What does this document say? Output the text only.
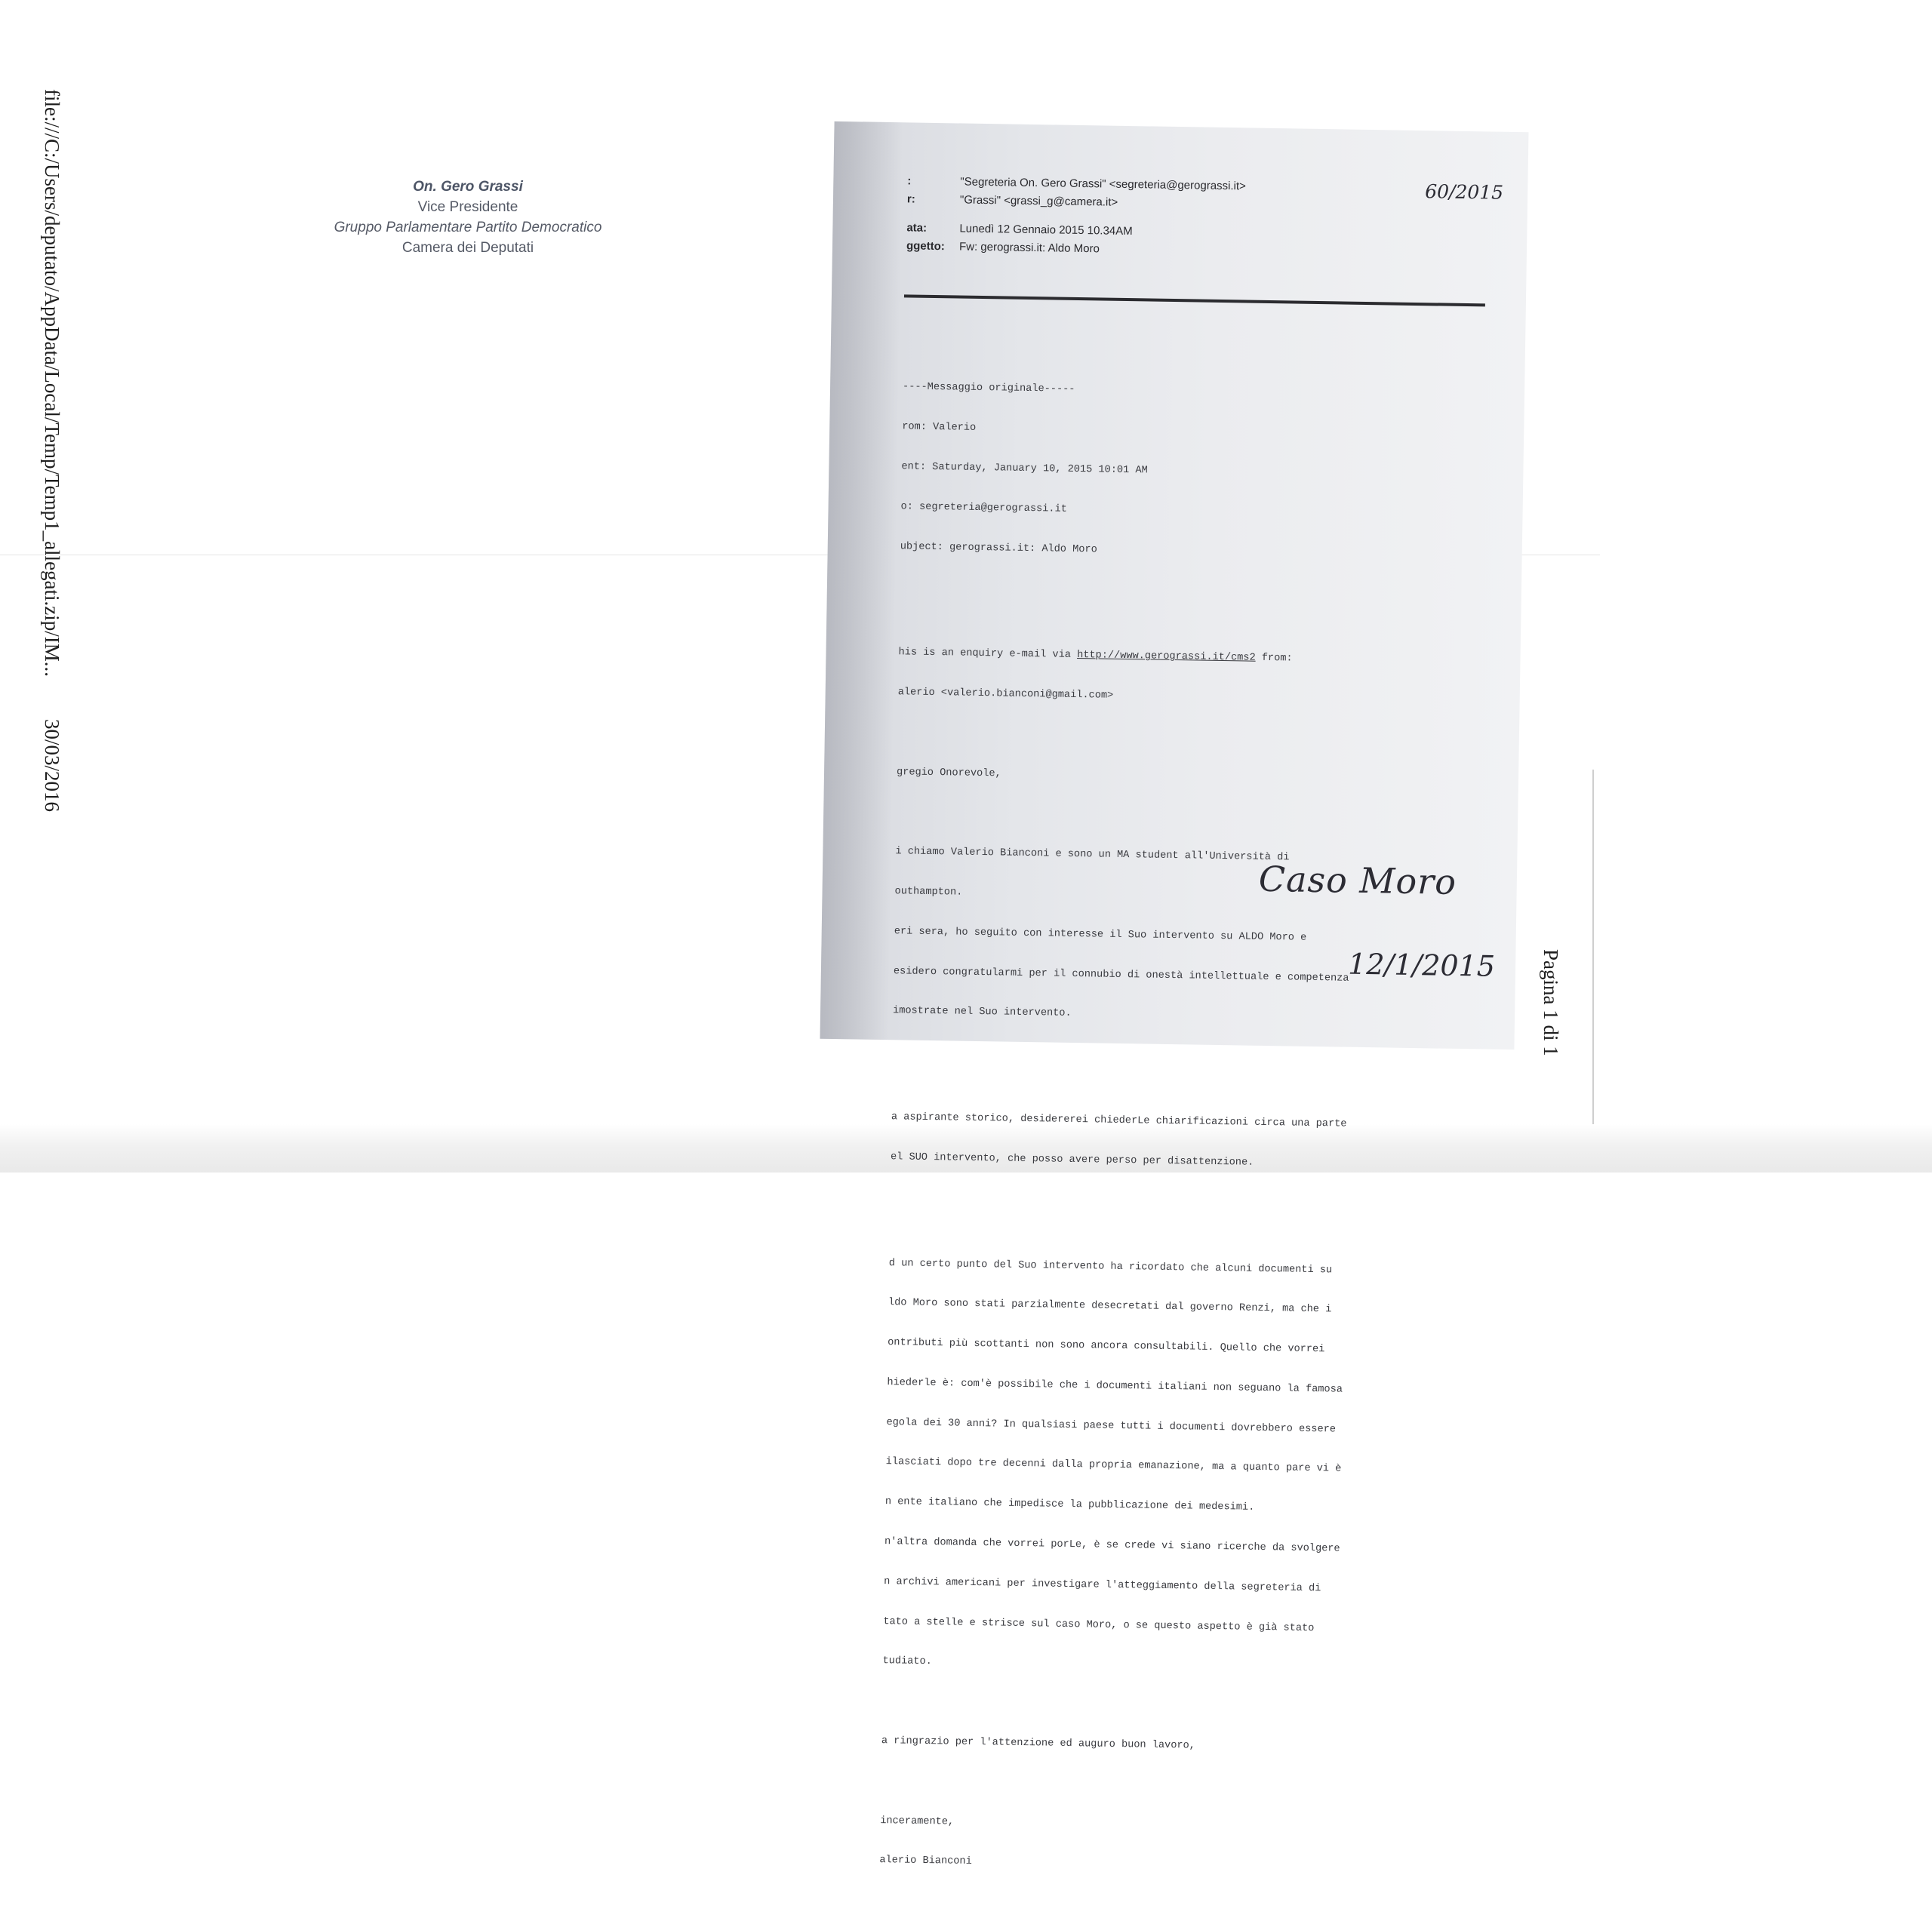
file:///C:/Users/deputato/AppData/Local/Temp/Temp1_allegati.zip/IM...30/03/2016
Pagina 1 di 1
On. Gero Grassi
Vice Presidente
Gruppo Parlamentare Partito Democratico
Camera dei Deputati
:	"Segreteria On. Gero Grassi" <segreteria@gerograssi.it>
r:	"Grassi" <grassi_g@camera.it>
ata:	Lunedì 12 Gennaio 2015 10.34AM
ggetto:	Fw: gerograssi.it: Aldo Moro
60/2015

----Messaggio originale-----

rom: Valerio

ent: Saturday, January 10, 2015 10:01 AM

o: segreteria@gerograssi.it

ubject: gerograssi.it: Aldo Moro

his is an enquiry e-mail via http://www.gerograssi.it/cms2 from:

alerio <valerio.bianconi@gmail.com>

gregio Onorevole,

i chiamo Valerio Bianconi e sono un MA student all'Università di

outhampton.

eri sera, ho seguito con interesse il Suo intervento su ALDO Moro e

esidero congratularmi per il connubio di onestà intellettuale e competenza

imostrate nel Suo intervento.

a aspirante storico, desidererei chiederLe chiarificazioni circa una parte

el SUO intervento, che posso avere perso per disattenzione.

d un certo punto del Suo intervento ha ricordato che alcuni documenti su

ldo Moro sono stati parzialmente desecretati dal governo Renzi, ma che i

ontributi più scottanti non sono ancora consultabili. Quello che vorrei

hiederle è: com'è possibile che i documenti italiani non seguano la famosa

egola dei 30 anni? In qualsiasi paese tutti i documenti dovrebbero essere

ilasciati dopo tre decenni dalla propria emanazione, ma a quanto pare vi è

n ente italiano che impedisce la pubblicazione dei medesimi.

n'altra domanda che vorrei porLe, è se crede vi siano ricerche da svolgere

n archivi americani per investigare l'atteggiamento della segreteria di

tato a stelle e strisce sul caso Moro, o se questo aspetto è già stato

tudiato.

a ringrazio per l'attenzione ed auguro buon lavoro,

inceramente,

alerio Bianconi

Caso Moro
12/1/2015
